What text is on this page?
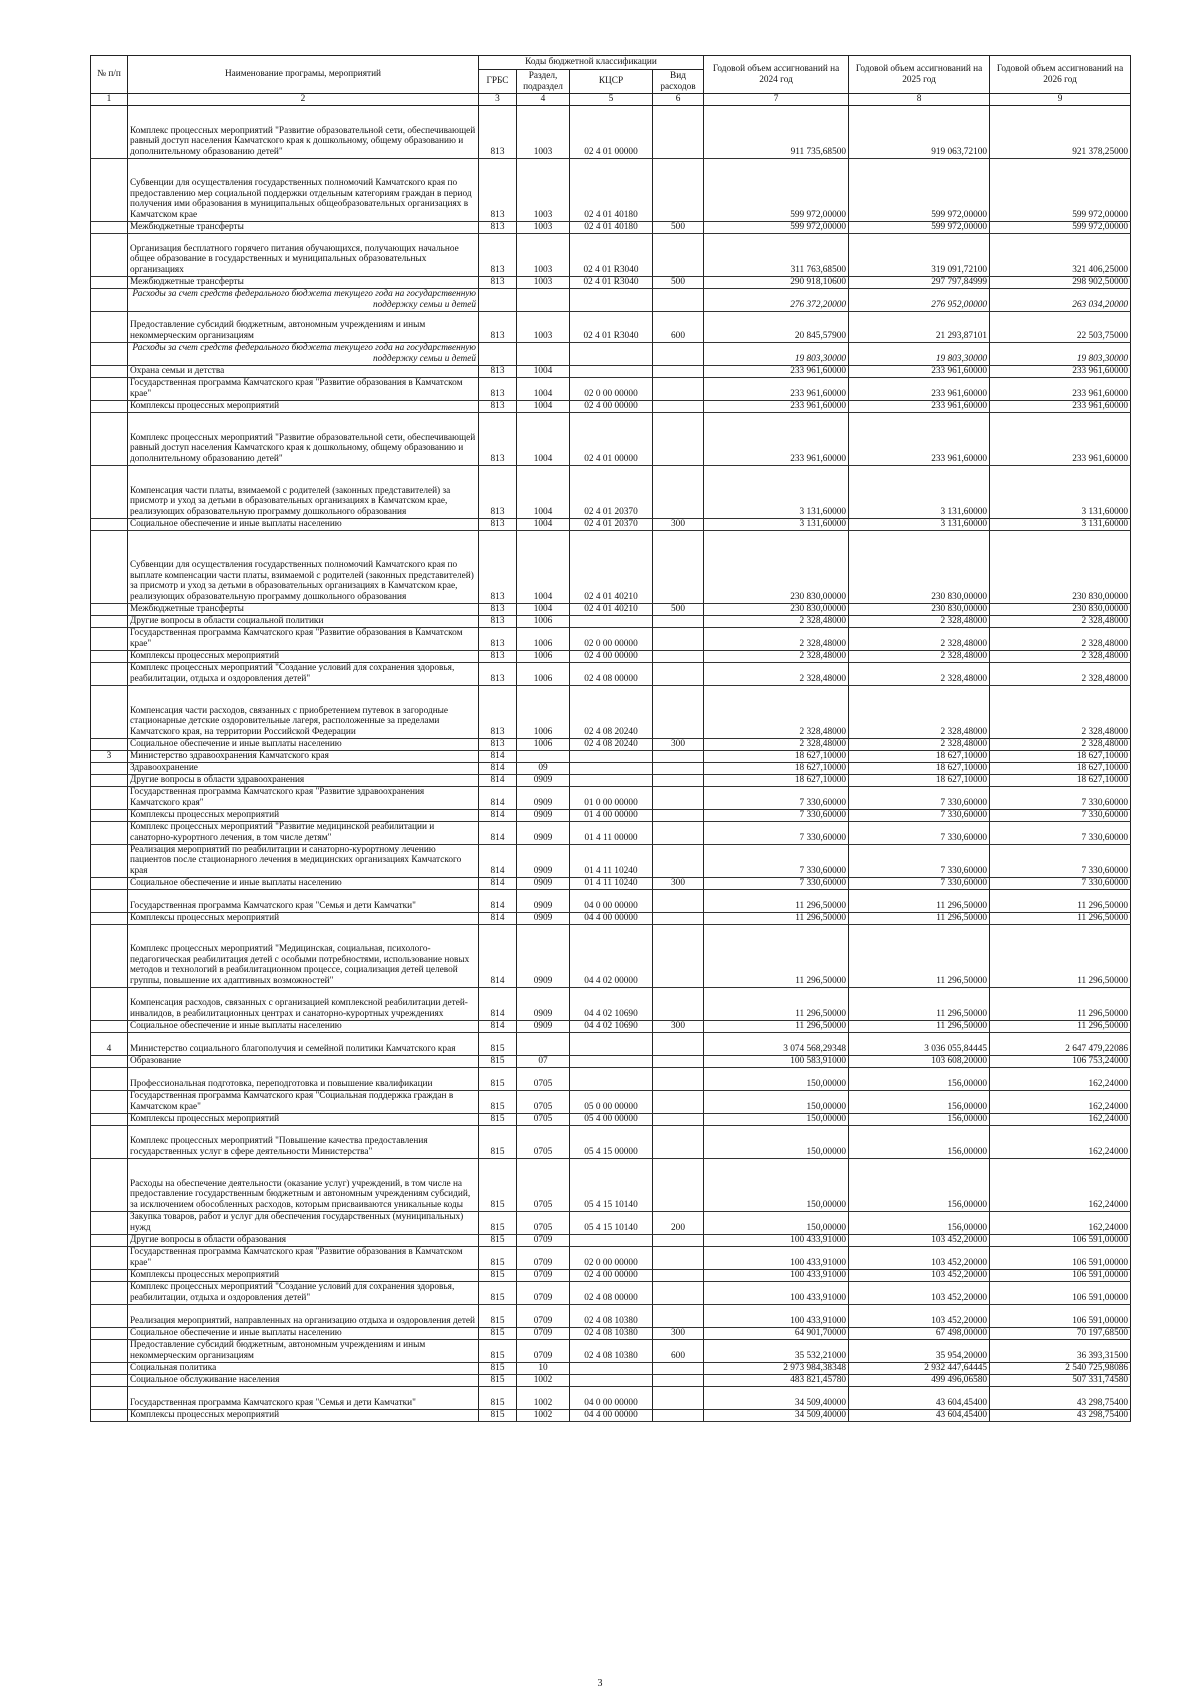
№ п/п	Наименование програмы, мероприятий	Коды бюджетной классификации				Годовой объем ассигнований на 2024 год	Годовой объем ассигнований на 2025 год	Годовой объем ассигнований на 2026 год
		ГРБС	Раздел, подраздел	КЦСР	Вид расходов			
1	2	3	4	5	6	7	8	9
	Комплекс процессных мероприятий "Развитие образовательной сети, обеспечивающей равный доступ населения Камчатского края к дошкольному, общему образованию и дополнительному образованию детей"	813	1003	02 4 01 00000		911 735,68500	919 063,72100	921 378,25000
	Субвенции для осуществления государственных полномочий Камчатского края по предоставлению мер социальной поддержки отдельным категориям граждан в период получения ими образования в муниципальных общеобразовательных организациях в Камчатском крае	813	1003	02 4 01 40180		599 972,00000	599 972,00000	599 972,00000
	Межбюджетные трансферты	813	1003	02 4 01 40180	500	599 972,00000	599 972,00000	599 972,00000
	Организация бесплатного горячего питания обучающихся, получающих начальное общее образование в государственных и муниципальных образовательных организациях	813	1003	02 4 01 R3040		311 763,68500	319 091,72100	321 406,25000
	Межбюджетные трансферты	813	1003	02 4 01 R3040	500	290 918,10600	297 797,84999	298 902,50000
	Расходы за счет средств федерального бюджета текущего года на государственную поддержку семьи и детей					276 372,20000	276 952,00000	263 034,20000
	Предоставление субсидий бюджетным, автономным учреждениям и иным некоммерческим организациям	813	1003	02 4 01 R3040	600	20 845,57900	21 293,87101	22 503,75000
	Расходы за счет средств федерального бюджета текущего года на государственную поддержку семьи и детей					19 803,30000	19 803,30000	19 803,30000
	Охрана семьи и детства	813	1004			233 961,60000	233 961,60000	233 961,60000
	Государственная программа Камчатского края "Развитие образования в Камчатском крае"	813	1004	02 0 00 00000		233 961,60000	233 961,60000	233 961,60000
	Комплексы процессных мероприятий	813	1004	02 4 00 00000		233 961,60000	233 961,60000	233 961,60000
	Комплекс процессных мероприятий "Развитие образовательной сети, обеспечивающей равный доступ населения Камчатского края к дошкольному, общему образованию и дополнительному образованию детей"	813	1004	02 4 01 00000		233 961,60000	233 961,60000	233 961,60000
	Компенсация части платы, взимаемой с родителей (законных представителей) за присмотр и уход за детьми в образовательных организациях в Камчатском крае, реализующих образовательную программу дошкольного образования	813	1004	02 4 01 20370		3 131,60000	3 131,60000	3 131,60000
	Социальное обеспечение и иные выплаты населению	813	1004	02 4 01 20370	300	3 131,60000	3 131,60000	3 131,60000
	Субвенции для осуществления государственных полномочий Камчатского края по выплате компенсации части платы, взимаемой с родителей (законных представителей) за присмотр и уход за детьми в образовательных организациях в Камчатском крае, реализующих образовательную программу дошкольного образования	813	1004	02 4 01 40210		230 830,00000	230 830,00000	230 830,00000
	Межбюджетные трансферты	813	1004	02 4 01 40210	500	230 830,00000	230 830,00000	230 830,00000
	Другие вопросы в области социальной политики	813	1006			2 328,48000	2 328,48000	2 328,48000
	Государственная программа Камчатского края "Развитие образования в Камчатском крае"	813	1006	02 0 00 00000		2 328,48000	2 328,48000	2 328,48000
	Комплексы процессных мероприятий	813	1006	02 4 00 00000		2 328,48000	2 328,48000	2 328,48000
	Комплекс процессных мероприятий "Создание условий для сохранения здоровья, реабилитации, отдыха и оздоровления детей"	813	1006	02 4 08 00000		2 328,48000	2 328,48000	2 328,48000
	Компенсация части расходов, связанных с приобретением путевок в загородные стационарные детские оздоровительные лагеря, расположенные за пределами Камчатского края, на территории Российской Федерации	813	1006	02 4 08 20240		2 328,48000	2 328,48000	2 328,48000
	Социальное обеспечение и иные выплаты населению	813	1006	02 4 08 20240	300	2 328,48000	2 328,48000	2 328,48000
3	Министерство здравоохранения Камчатского края	814				18 627,10000	18 627,10000	18 627,10000
	Здравоохранение	814	09			18 627,10000	18 627,10000	18 627,10000
	Другие вопросы в области здравоохранения	814	0909			18 627,10000	18 627,10000	18 627,10000
	Государственная программа Камчатского края "Развитие здравоохранения Камчатского края"	814	0909	01 0 00 00000		7 330,60000	7 330,60000	7 330,60000
	Комплексы процессных мероприятий	814	0909	01 4 00 00000		7 330,60000	7 330,60000	7 330,60000
	Комплекс процессных мероприятий "Развитие медицинской реабилитации и санаторно-курортного лечения, в том числе детям"	814	0909	01 4 11 00000		7 330,60000	7 330,60000	7 330,60000
	Реализация мероприятий по реабилитации и санаторно-курортному лечению пациентов после стационарного лечения в медицинских организациях Камчатского края	814	0909	01 4 11 10240		7 330,60000	7 330,60000	7 330,60000
	Социальное обеспечение и иные выплаты населению	814	0909	01 4 11 10240	300	7 330,60000	7 330,60000	7 330,60000
	Государственная программа Камчатского края "Семья и дети Камчатки"	814	0909	04 0 00 00000		11 296,50000	11 296,50000	11 296,50000
	Комплексы процессных мероприятий	814	0909	04 4 00 00000		11 296,50000	11 296,50000	11 296,50000
	Комплекс процессных мероприятий "Медицинская, социальная, психолого-педагогическая реабилитация детей с особыми потребностями, использование новых методов и технологий в реабилитационном процессе, социализация детей целевой группы, повышение их адаптивных возможностей"	814	0909	04 4 02 00000		11 296,50000	11 296,50000	11 296,50000
	Компенсация расходов, связанных с организацией комплексной реабилитации детей-инвалидов, в реабилитационных центрах и санаторно-курортных учреждениях	814	0909	04 4 02 10690		11 296,50000	11 296,50000	11 296,50000
	Социальное обеспечение и иные выплаты населению	814	0909	04 4 02 10690	300	11 296,50000	11 296,50000	11 296,50000
4	Министерство социального благополучия и семейной политики Камчатского края	815				3 074 568,29348	3 036 055,84445	2 647 479,22086
	Образование	815	07			100 583,91000	103 608,20000	106 753,24000
	Профессиональная подготовка, переподготовка и повышение квалификации	815	0705			150,00000	156,00000	162,24000
	Государственная программа Камчатского края "Социальная поддержка граждан в Камчатском крае"	815	0705	05 0 00 00000		150,00000	156,00000	162,24000
	Комплексы процессных мероприятий	815	0705	05 4 00 00000		150,00000	156,00000	162,24000
	Комплекс процессных мероприятий "Повышение качества предоставления государственных услуг в сфере деятельности Министерства"	815	0705	05 4 15 00000		150,00000	156,00000	162,24000
	Расходы на обеспечение деятельности (оказание услуг) учреждений, в том числе на предоставление государственным бюджетным и автономным учреждениям субсидий, за исключением обособленных расходов, которым присваиваются уникальные коды	815	0705	05 4 15 10140		150,00000	156,00000	162,24000
	Закупка товаров, работ и услуг для обеспечения государственных (муниципальных) нужд	815	0705	05 4 15 10140	200	150,00000	156,00000	162,24000
	Другие вопросы в области образования	815	0709			100 433,91000	103 452,20000	106 591,00000
	Государственная программа Камчатского края "Развитие образования в Камчатском крае"	815	0709	02 0 00 00000		100 433,91000	103 452,20000	106 591,00000
	Комплексы процессных мероприятий	815	0709	02 4 00 00000		100 433,91000	103 452,20000	106 591,00000
	Комплекс процессных мероприятий "Создание условий для сохранения здоровья, реабилитации, отдыха и оздоровления детей"	815	0709	02 4 08 00000		100 433,91000	103 452,20000	106 591,00000
	Реализация мероприятий, направленных на организацию отдыха и оздоровления детей	815	0709	02 4 08 10380		100 433,91000	103 452,20000	106 591,00000
	Социальное обеспечение и иные выплаты населению	815	0709	02 4 08 10380	300	64 901,70000	67 498,00000	70 197,68500
	Предоставление субсидий бюджетным, автономным учреждениям и иным некоммерческим организациям	815	0709	02 4 08 10380	600	35 532,21000	35 954,20000	36 393,31500
	Социальная политика	815	10			2 973 984,38348	2 932 447,64445	2 540 725,98086
	Социальное обслуживание населения	815	1002			483 821,45780	499 496,06580	507 331,74580
	Государственная программа Камчатского края "Семья и дети Камчатки"	815	1002	04 0 00 00000		34 509,40000	43 604,45400	43 298,75400
	Комплексы процессных мероприятий	815	1002	04 4 00 00000		34 509,40000	43 604,45400	43 298,75400
3
